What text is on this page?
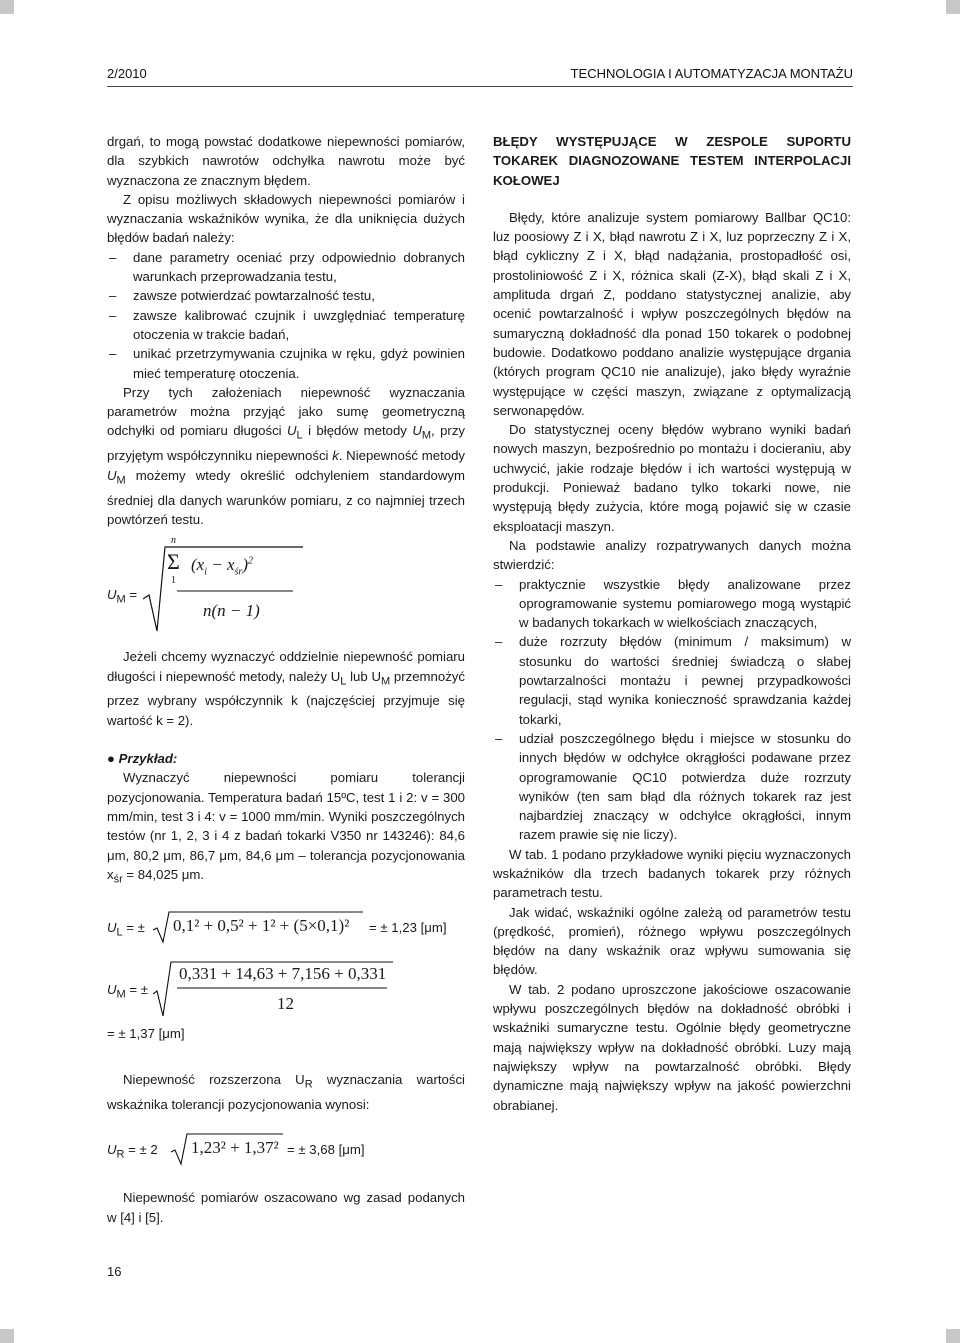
2/2010	TECHNOLOGIA I AUTOMATYZACJA MONTAŻU

drgań, to mogą powstać dodatkowe niepewności pomiarów, dla szybkich nawrotów odchyłka nawrotu może być wyznaczona ze znacznym błędem.

Z opisu możliwych składowych niepewności pomiarów i wyznaczania wskaźników wynika, że dla uniknięcia dużych błędów badań należy:

– dane parametry oceniać przy odpowiednio dobranych warunkach przeprowadzania testu,
– zawsze potwierdzać powtarzalność testu,
– zawsze kalibrować czujnik i uwzględniać temperaturę otoczenia w trakcie badań,
– unikać przetrzymywania czujnika w ręku, gdyż powinien mieć temperaturę otoczenia.

Przy tych założeniach niepewność wyznaczania parametrów można przyjąć jako sumę geometryczną odchyłki od pomiaru długości $U_L$ i błędów metody $U_M$, przy przyjętym współczynniku niepewności k. Niepewność metody $U_M$ możemy wtedy określić odchyleniem standardowym średniej dla danych warunków pomiaru, z co najmniej trzech powtórzeń testu.

$U_M$ =
Σ
n
1
$(x_i - x_{śr})^2$
n(n − 1)

Jeżeli chcemy wyznaczyć oddzielnie niepewność pomiaru długości i niepewność metody, należy $U_L$ lub $U_M$ przemnożyć przez wybrany współczynnik k (najczęściej przyjmuje się wartość k = 2).

● Przykład:

Wyznaczyć niepewności pomiaru tolerancji pozycjonowania. Temperatura badań 15ºC, test 1 i 2: v = 300 mm/min, test 3 i 4: v = 1000 mm/min. Wyniki poszczególnych testów (nr 1, 2, 3 i 4 z badań tokarki V350 nr 143246): 84,6 μm, 80,2 μm, 86,7 μm, 84,6 μm – tolerancja pozycjonowania $x_{śr} = 84,025$ μm.

$U_L$ = ± 0,1² + 0,5² + 1² + (5×0,1)² = ± 1,23 [μm]
$U_M$ = ±
0,331 + 14,63 + 7,156 + 0,331
12

= ± 1,37 [μm]

Niepewność rozszerzona $U_R$ wyznaczania wartości wskaźnika tolerancji pozycjonowania wynosi:

$U_R$ = ± 2 1,23² + 1,37² = ± 3,68 [μm]

Niepewność pomiarów oszacowano wg zasad podanych w [4] i [5].

BŁĘDY WYSTĘPUJĄCE W ZESPOLE SUPORTU TOKAREK DIAGNOZOWANE TESTEM INTERPOLACJI KOŁOWEJ

Błędy, które analizuje system pomiarowy Ballbar QC10: luz poosiowy Z i X, błąd nawrotu Z i X, luz poprzeczny Z i X, błąd cykliczny Z i X, błąd nadążania, prostopadłość osi, prostoliniowość Z i X, różnica skali (Z-X), błąd skali Z i X, amplituda drgań Z, poddano statystycznej analizie, aby ocenić powtarzalność i wpływ poszczególnych błędów na sumaryczną dokładność dla ponad 150 tokarek o podobnej budowie. Dodatkowo poddano analizie występujące drgania (których program QC10 nie analizuje), jako błędy wyraźnie występujące w części maszyn, związane z optymalizacją serwonapędów.

Do statystycznej oceny błędów wybrano wyniki badań nowych maszyn, bezpośrednio po montażu i docieraniu, aby uchwycić, jakie rodzaje błędów i ich wartości występują w produkcji. Ponieważ badano tylko tokarki nowe, nie występują błędy zużycia, które mogą pojawić się w czasie eksploatacji maszyn.

Na podstawie analizy rozpatrywanych danych można stwierdzić:

– praktycznie wszystkie błędy analizowane przez oprogramowanie systemu pomiarowego mogą wystąpić w badanych tokarkach w wielkościach znaczących,
– duże rozrzuty błędów (minimum / maksimum) w stosunku do wartości średniej świadczą o słabej powtarzalności montażu i pewnej przypadkowości regulacji, stąd wynika konieczność sprawdzania każdej tokarki,
– udział poszczególnego błędu i miejsce w stosunku do innych błędów w odchyłce okrągłości podawane przez oprogramowanie QC10 potwierdza duże rozrzuty wyników (ten sam błąd dla różnych tokarek raz jest najbardziej znaczący w odchyłce okrągłości, innym razem prawie się nie liczy).

W tab. 1 podano przykładowe wyniki pięciu wyznaczonych wskaźników dla trzech badanych tokarek przy różnych parametrach testu.

Jak widać, wskaźniki ogólne zależą od parametrów testu (prędkość, promień), różnego wpływu poszczególnych błędów na dany wskaźnik oraz wpływu sumowania się błędów.

W tab. 2 podano uproszczone jakościowe oszacowanie wpływu poszczególnych błędów na dokładność obróbki i wskaźniki sumaryczne testu. Ogólnie błędy geometryczne mają największy wpływ na dokładność obróbki. Luzy mają największy wpływ na powtarzalność obróbki. Błędy dynamiczne mają największy wpływ na jakość powierzchni obrabianej.

16
